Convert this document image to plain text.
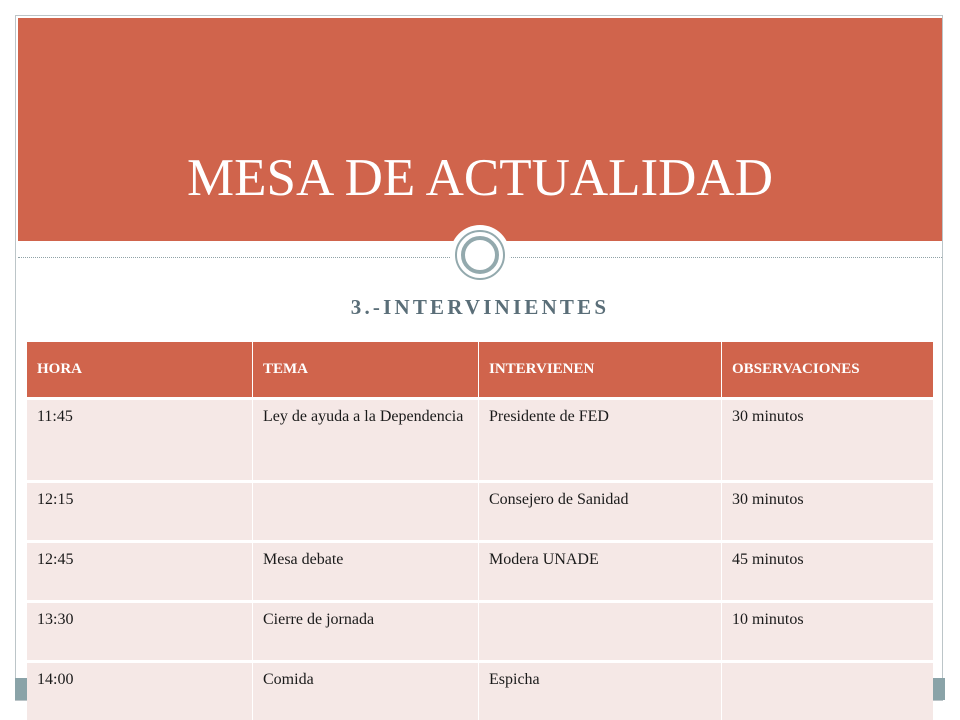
MESA DE ACTUALIDAD
3.-INTERVINIENTES
HORA	TEMA	INTERVIENEN	OBSERVACIONES
11:45	Ley de ayuda a la Dependencia	Presidente de FED	30 minutos
12:15		Consejero de Sanidad	30 minutos
12:45	Mesa debate	Modera UNADE	45 minutos
13:30	Cierre de jornada		10 minutos
14:00	Comida	Espicha	
